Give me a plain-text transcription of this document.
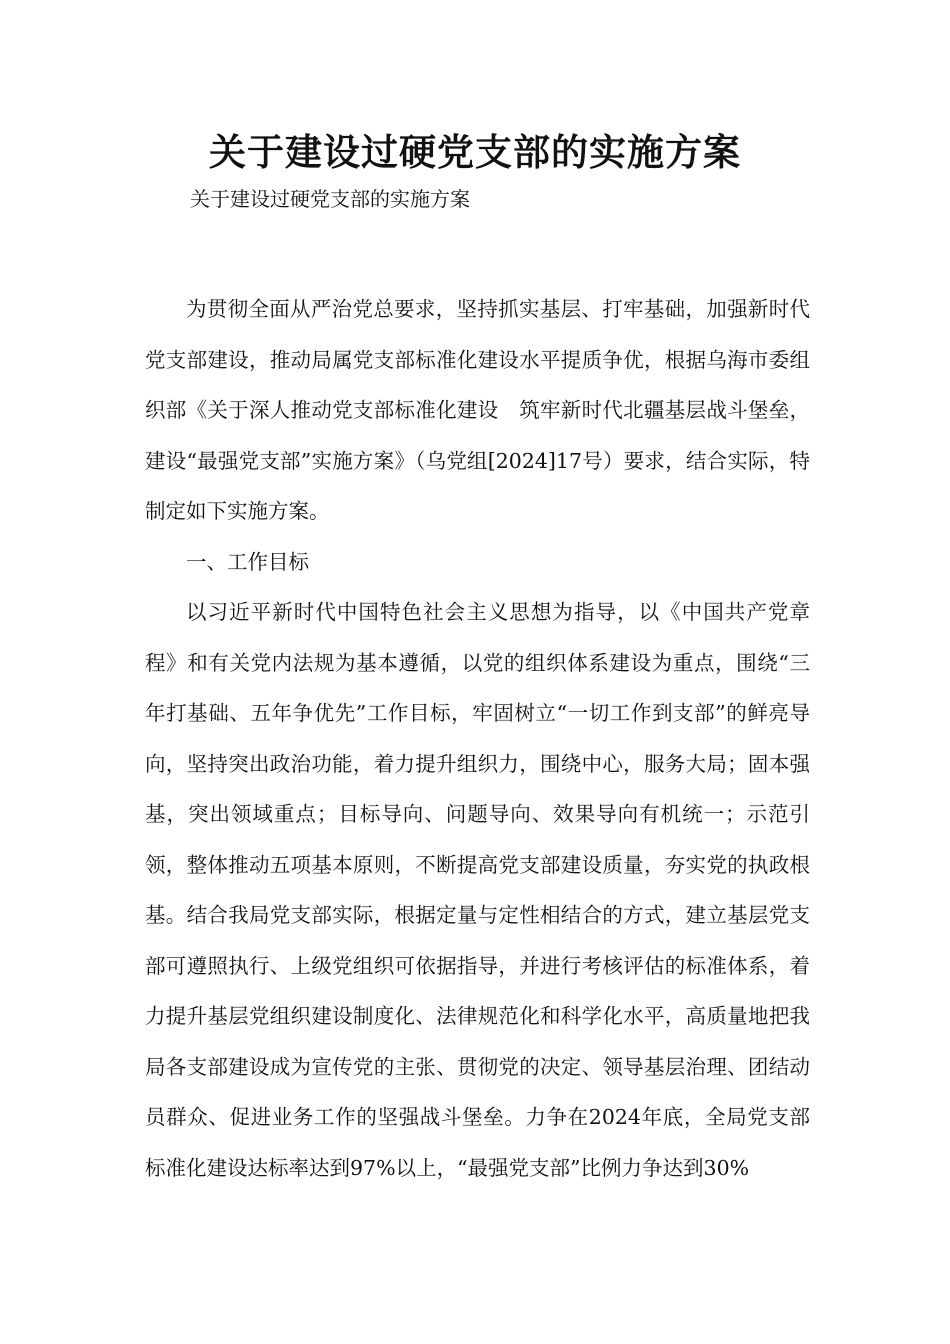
关于建设过硬党支部的实施方案

关于建设过硬党支部的实施方案

为贯彻全面从严治党总要求，坚持抓实基层、打牢基础，加强新时代党支部建设，推动局属党支部标准化建设水平提质争优，根据乌海市委组织部《关于深人推动党支部标准化建设　筑牢新时代北疆基层战斗堡垒，建设“最强党支部”实施方案》（乌党组[2024]17号）要求，结合实际，特制定如下实施方案。

一、工作目标

以习近平新时代中国特色社会主义思想为指导，以《中国共产党章程》和有关党内法规为基本遵循，以党的组织体系建设为重点，围绕“三年打基础、五年争优先”工作目标，牢固树立“一切工作到支部”的鲜亮导向，坚持突出政治功能，着力提升组织力，围绕中心，服务大局；固本强基，突出领域重点；目标导向、问题导向、效果导向有机统一；示范引领，整体推动五项基本原则，不断提高党支部建设质量，夯实党的执政根基。结合我局党支部实际，根据定量与定性相结合的方式，建立基层党支部可遵照执行、上级党组织可依据指导，并进行考核评估的标准体系，着力提升基层党组织建设制度化、法律规范化和科学化水平，高质量地把我局各支部建设成为宣传党的主张、贯彻党的决定、领导基层治理、团结动员群众、促进业务工作的坚强战斗堡垒。力争在2024年底，全局党支部标准化建设达标率达到97%以上，“最强党支部”比例力争达到30%
